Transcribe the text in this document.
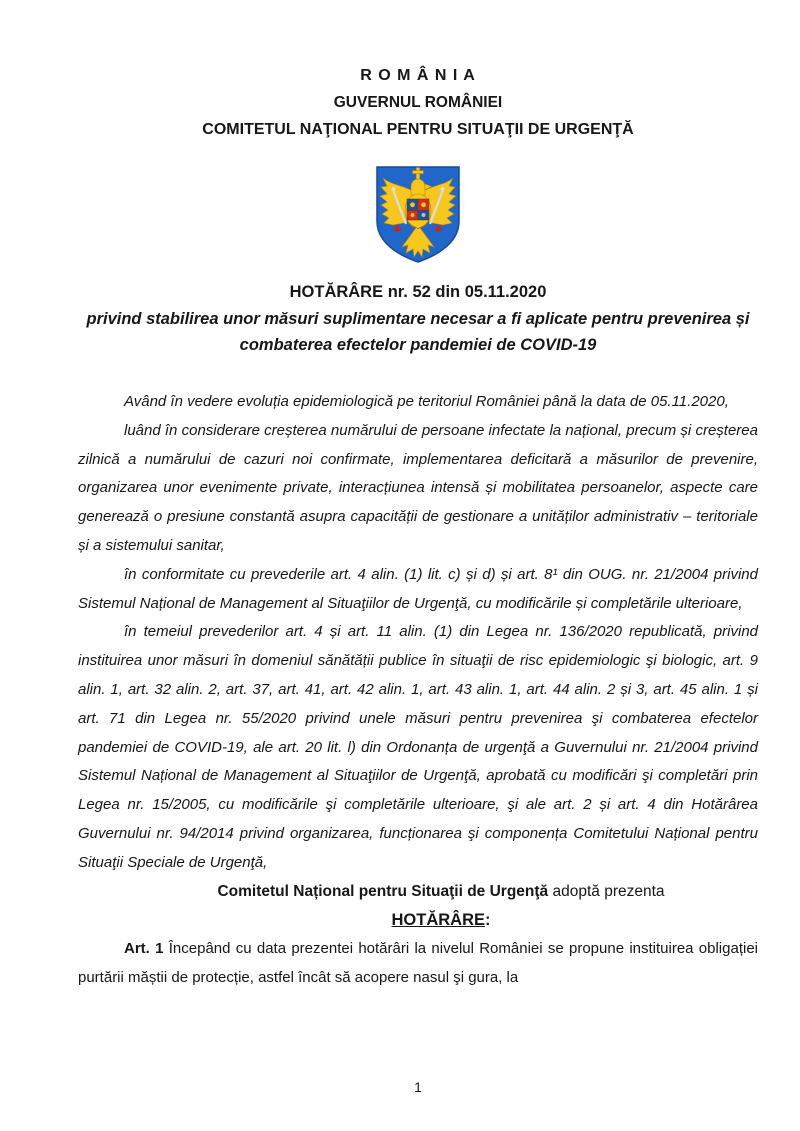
R O M Â N I A
GUVERNUL ROMÂNIEI
COMITETUL NAŢIONAL PENTRU SITUAŢII DE URGENŢĂ
HOTĂRÂRE nr. 52 din 05.11.2020
privind stabilirea unor măsuri suplimentare necesar a fi aplicate pentru prevenirea și combaterea efectelor pandemiei de COVID-19

Având în vedere evoluția epidemiologică pe teritoriul României până la data de 05.11.2020,

luând în considerare creșterea numărului de persoane infectate la național, precum și creșterea zilnică a numărului de cazuri noi confirmate, implementarea deficitară a măsurilor de prevenire, organizarea unor evenimente private, interacțiunea intensă și mobilitatea persoanelor, aspecte care generează o presiune constantă asupra capacității de gestionare a unităților administrativ – teritoriale și a sistemului sanitar,

în conformitate cu prevederile art. 4 alin. (1) lit. c) și d) și art. 8¹ din OUG. nr. 21/2004 privind Sistemul Național de Management al Situaţiilor de Urgenţă, cu modificările și completările ulterioare,

în temeiul prevederilor art. 4 și art. 11 alin. (1) din Legea nr. 136/2020 republicată, privind instituirea unor măsuri în domeniul sănătății publice în situaţii de risc epidemiologic şi biologic, art. 9 alin. 1, art. 32 alin. 2, art. 37, art. 41, art. 42 alin. 1, art. 43 alin. 1, art. 44 alin. 2 și 3, art. 45 alin. 1 și art. 71 din Legea nr. 55/2020 privind unele măsuri pentru prevenirea şi combaterea efectelor pandemiei de COVID-19, ale art. 20 lit. l) din Ordonanța de urgenţă a Guvernului nr. 21/2004 privind Sistemul Național de Management al Situaţiilor de Urgenţă, aprobată cu modificări şi completări prin Legea nr. 15/2005, cu modificările şi completările ulterioare, şi ale art. 2 și art. 4 din Hotărârea Guvernului nr. 94/2014 privind organizarea, funcționarea şi componența Comitetului Național pentru Situaţii Speciale de Urgenţă,

Comitetul Național pentru Situaţii de Urgenţă adoptă prezenta

HOTĂRÂRE:

Art. 1 Începând cu data prezentei hotărâri la nivelul României se propune instituirea obligației purtării măștii de protecție, astfel încât să acopere nasul şi gura, la

1
